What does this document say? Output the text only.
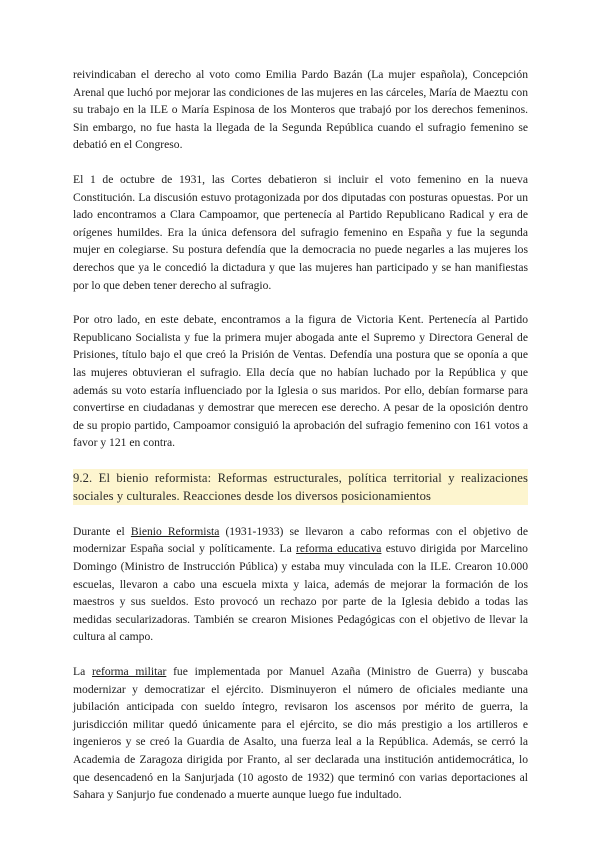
reivindicaban el derecho al voto como Emilia Pardo Bazán (La mujer española), Concepción Arenal que luchó por mejorar las condiciones de las mujeres en las cárceles, María de Maeztu con su trabajo en la ILE o María Espinosa de los Monteros que trabajó por los derechos femeninos. Sin embargo, no fue hasta la llegada de la Segunda República cuando el sufragio femenino se debatió en el Congreso.

El 1 de octubre de 1931, las Cortes debatieron si incluir el voto femenino en la nueva Constitución. La discusión estuvo protagonizada por dos diputadas con posturas opuestas. Por un lado encontramos a Clara Campoamor, que pertenecía al Partido Republicano Radical y era de orígenes humildes. Era la única defensora del sufragio femenino en España y fue la segunda mujer en colegiarse. Su postura defendía que la democracia no puede negarles a las mujeres los derechos que ya le concedió la dictadura y que las mujeres han participado y se han manifiestas por lo que deben tener derecho al sufragio.

Por otro lado, en este debate, encontramos a la figura de Victoria Kent. Pertenecía al Partido Republicano Socialista y fue la primera mujer abogada ante el Supremo y Directora General de Prisiones, título bajo el que creó la Prisión de Ventas. Defendía una postura que se oponía a que las mujeres obtuvieran el sufragio. Ella decía que no habían luchado por la República y que además su voto estaría influenciado por la Iglesia o sus maridos. Por ello, debían formarse para convertirse en ciudadanas y demostrar que merecen ese derecho. A pesar de la oposición dentro de su propio partido, Campoamor consiguió la aprobación del sufragio femenino con 161 votos a favor y 121 en contra.

9.2. El bienio reformista: Reformas estructurales, política territorial y realizaciones sociales y culturales. Reacciones desde los diversos posicionamientos

Durante el Bienio Reformista (1931-1933) se llevaron a cabo reformas con el objetivo de modernizar España social y políticamente. La reforma educativa estuvo dirigida por Marcelino Domingo (Ministro de Instrucción Pública) y estaba muy vinculada con la ILE. Crearon 10.000 escuelas, llevaron a cabo una escuela mixta y laica, además de mejorar la formación de los maestros y sus sueldos. Esto provocó un rechazo por parte de la Iglesia debido a todas las medidas secularizadoras. También se crearon Misiones Pedagógicas con el objetivo de llevar la cultura al campo.

La reforma militar fue implementada por Manuel Azaña (Ministro de Guerra) y buscaba modernizar y democratizar el ejército. Disminuyeron el número de oficiales mediante una jubilación anticipada con sueldo íntegro, revisaron los ascensos por mérito de guerra, la jurisdicción militar quedó únicamente para el ejército, se dio más prestigio a los artilleros e ingenieros y se creó la Guardia de Asalto, una fuerza leal a la República. Además, se cerró la Academia de Zaragoza dirigida por Franto, al ser declarada una institución antidemocrática, lo que desencadenó en la Sanjurjada (10 agosto de 1932) que terminó con varias deportaciones al Sahara y Sanjurjo fue condenado a muerte aunque luego fue indultado.
